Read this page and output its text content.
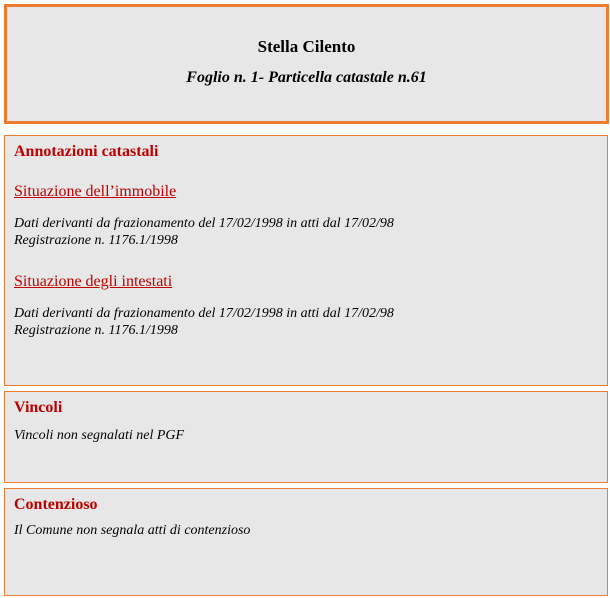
Stella Cilento
Foglio n. 1- Particella catastale n.61
Annotazioni catastali
Situazione dell’immobile
Dati derivanti da frazionamento del 17/02/1998 in atti dal 17/02/98
Registrazione n. 1176.1/1998
Situazione degli intestati
Dati derivanti da frazionamento del 17/02/1998 in atti dal 17/02/98
Registrazione n. 1176.1/1998
Vincoli
Vincoli non segnalati nel PGF
Contenzioso
Il Comune non segnala atti di contenzioso
